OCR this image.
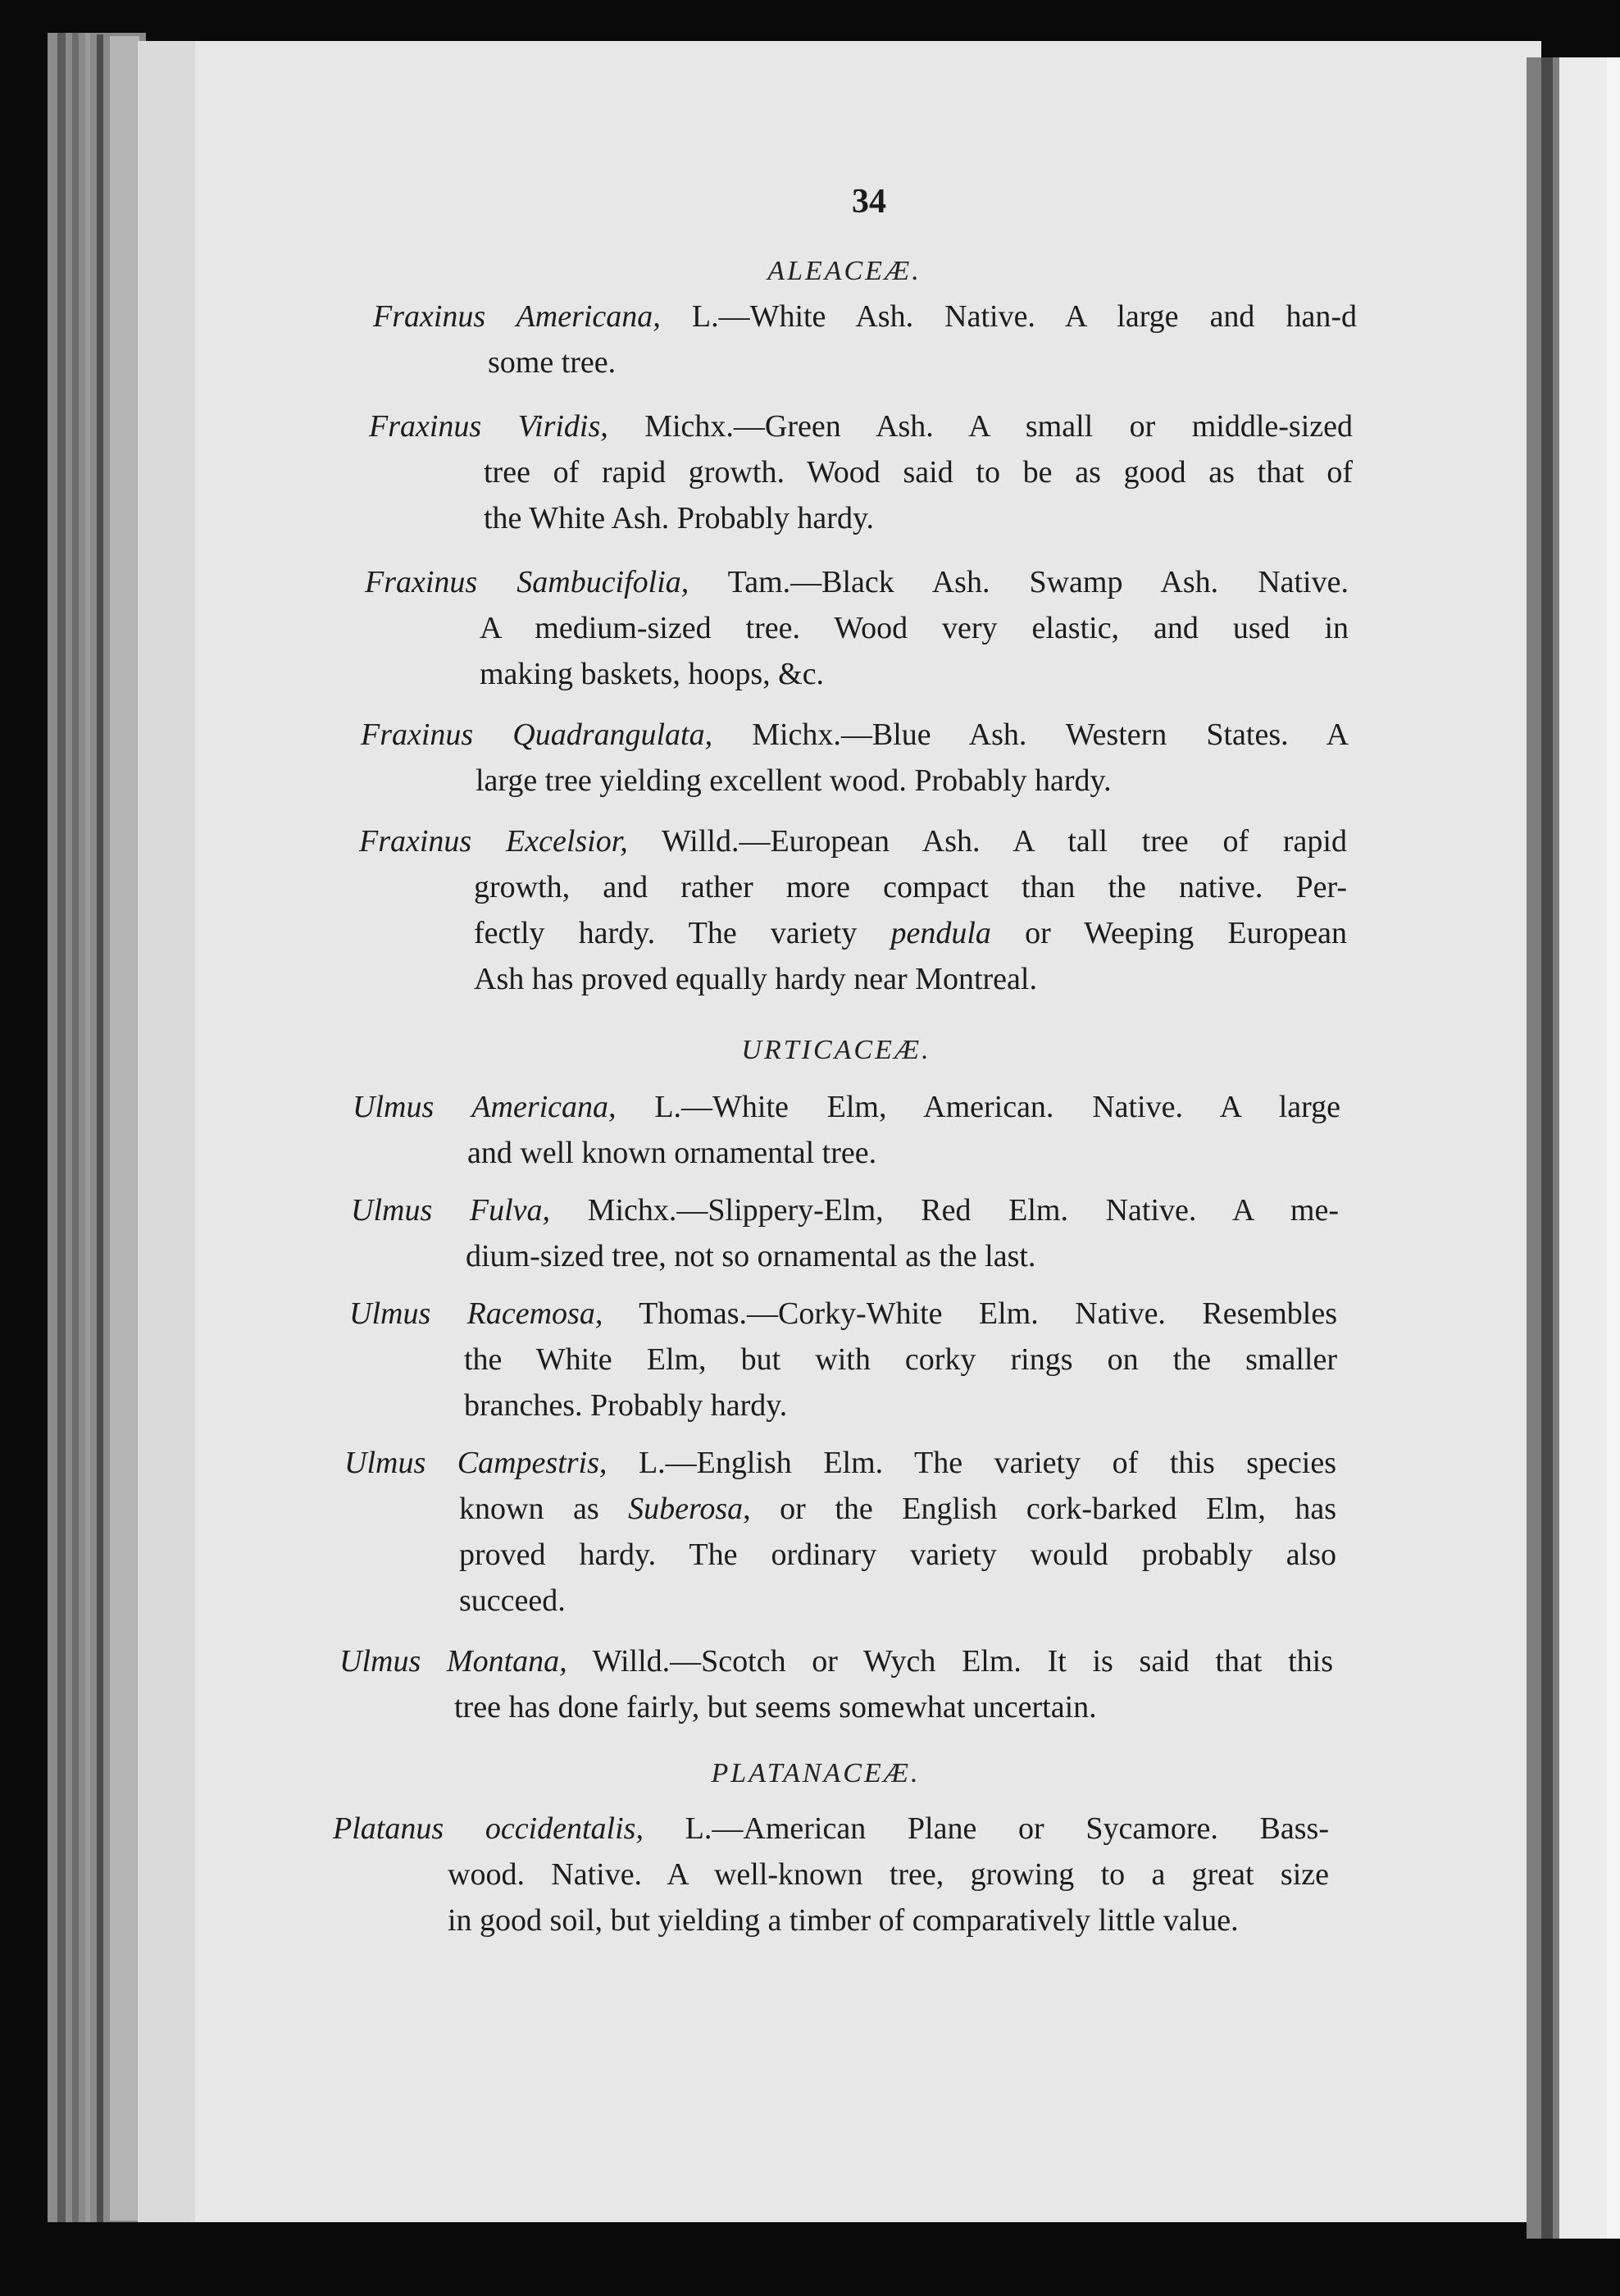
34
ALEACEÆ.
Fraxinus Americana, L.—White Ash. Native. A large and han-d
some tree.
Fraxinus Viridis, Michx.—Green Ash. A small or middle-sized
tree of rapid growth. Wood said to be as good as that of
the White Ash. Probably hardy.
Fraxinus Sambucifolia, Tam.—Black Ash. Swamp Ash. Native.
A medium-sized tree. Wood very elastic, and used in
making baskets, hoops, &c.
Fraxinus Quadrangulata, Michx.—Blue Ash. Western States. A
large tree yielding excellent wood. Probably hardy.
Fraxinus Excelsior, Willd.—European Ash. A tall tree of rapid
growth, and rather more compact than the native. Per-
fectly hardy. The variety pendula or Weeping European
Ash has proved equally hardy near Montreal.
URTICACEÆ.
Ulmus Americana, L.—White Elm, American. Native. A large
and well known ornamental tree.
Ulmus Fulva, Michx.—Slippery-Elm, Red Elm. Native. A me-
dium-sized tree, not so ornamental as the last.
Ulmus Racemosa, Thomas.—Corky-White Elm. Native. Resembles
the White Elm, but with corky rings on the smaller
branches. Probably hardy.
Ulmus Campestris, L.—English Elm. The variety of this species
known as Suberosa, or the English cork-barked Elm, has
proved hardy. The ordinary variety would probably also
succeed.
Ulmus Montana, Willd.—Scotch or Wych Elm. It is said that this
tree has done fairly, but seems somewhat uncertain.
PLATANACEÆ.
Platanus occidentalis, L.—American Plane or Sycamore. Bass-
wood. Native. A well-known tree, growing to a great size
in good soil, but yielding a timber of comparatively little value.
